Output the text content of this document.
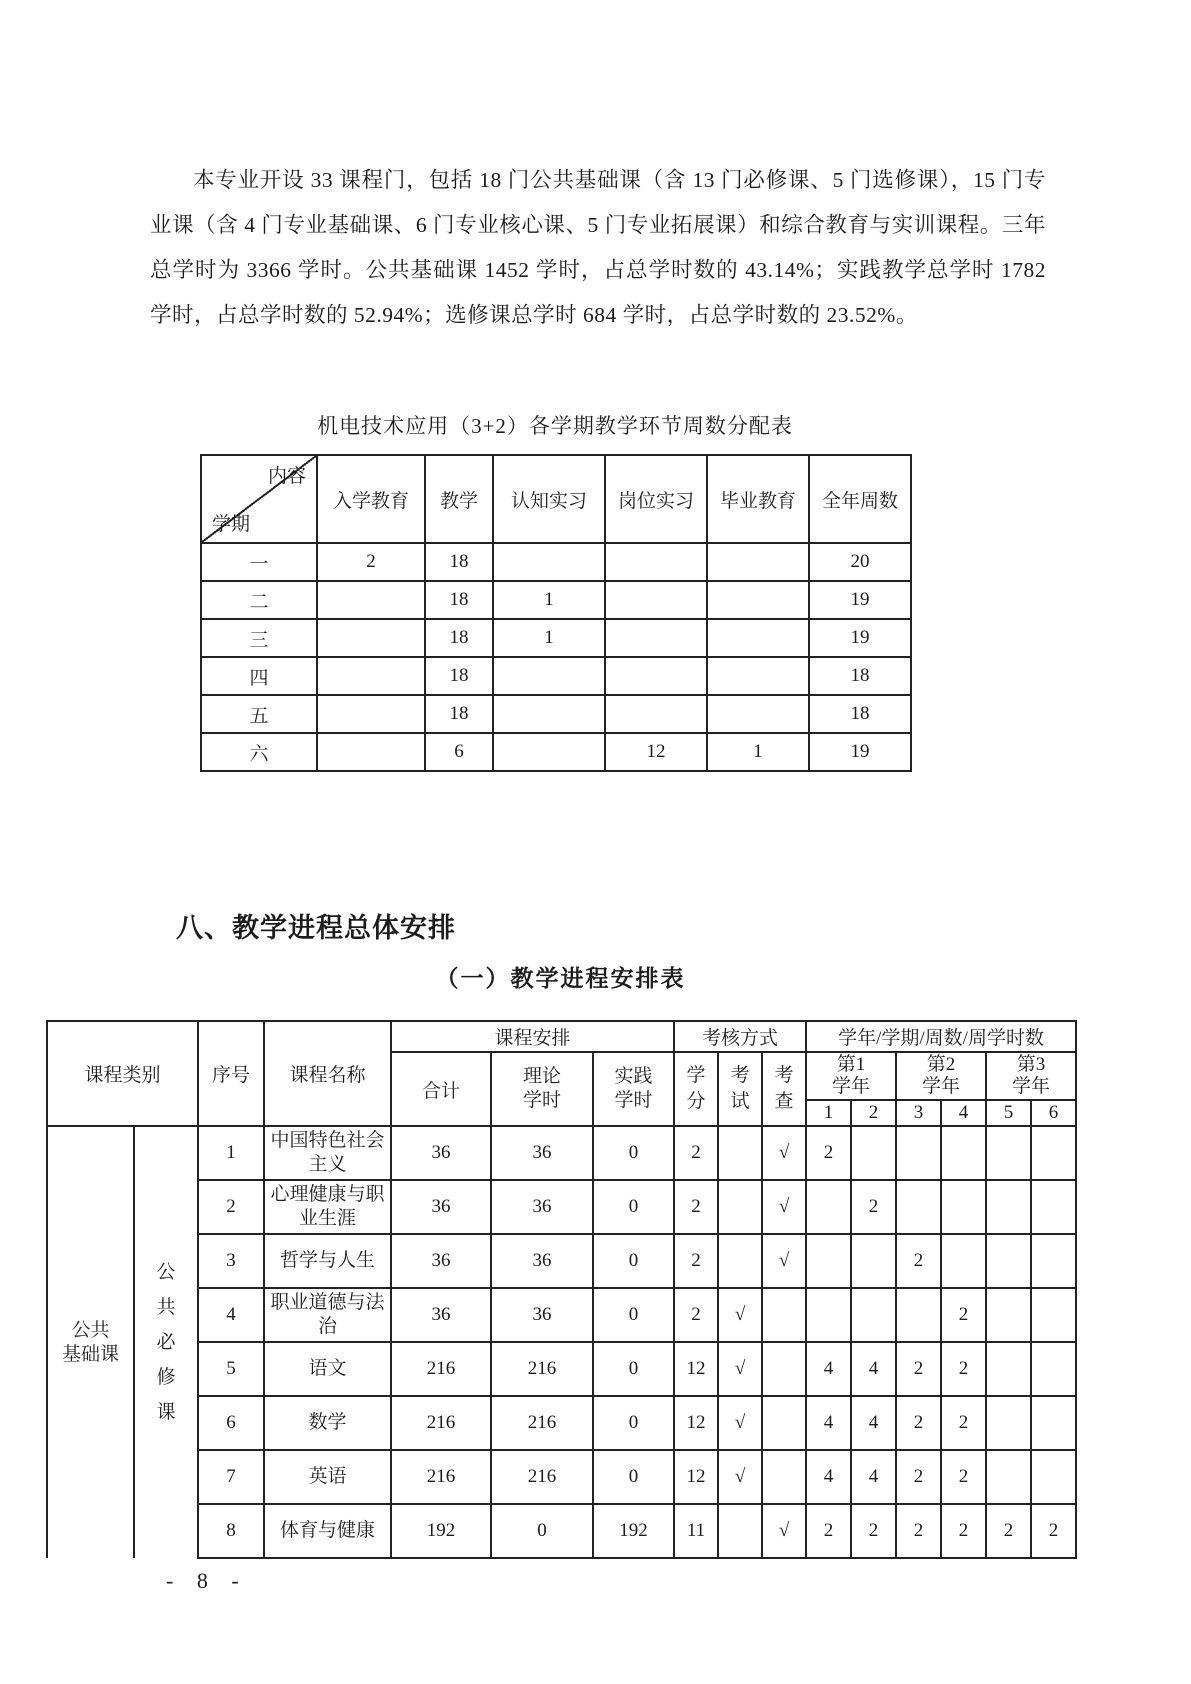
本专业开设 33 课程门，包括 18 门公共基础课（含 13 门必修课、5 门选修课），15 门专业课（含 4 门专业基础课、6 门专业核心课、5 门专业拓展课）和综合教育与实训课程。三年总学时为 3366 学时。公共基础课 1452 学时，占总学时数的 43.14%；实践教学总学时 1782 学时，占总学时数的 52.94%；选修课总学时 684 学时，占总学时数的 23.52%。

机电技术应用（3+2）各学期教学环节周数分配表
内容
学期	入学教育	教学	认知实习	岗位实习	毕业教育	全年周数
一	2	18				20
二		18	1			19
三		18	1			19
四		18				18
五		18				18
六		6		12	1	19
八、教学进程总体安排
（一）教学进程安排表
课程类别		序号	课程名称	课程安排			考核方式			学年/学期/周数/周学时数					
				合计	理论学时	实践学时	学分	考试	考查	第1学年		第2学年		第3学年	
										1	2	3	4	5	6

公共
基础课	公共必修课	1	中国特色社会主义	36	36	0	2		√	2					
		2	心理健康与职业生涯	36	36	0	2		√		2				
		3	哲学与人生	36	36	0	2		√			2			
		4	职业道德与法治	36	36	0	2	√					2		
		5	语文	216	216	0	12	√		4	4	2	2		
		6	数学	216	216	0	12	√		4	4	2	2		
		7	英语	216	216	0	12	√		4	4	2	2		
		8	体育与健康	192	0	192	11		√	2	2	2	2	2	2
- 8 -
